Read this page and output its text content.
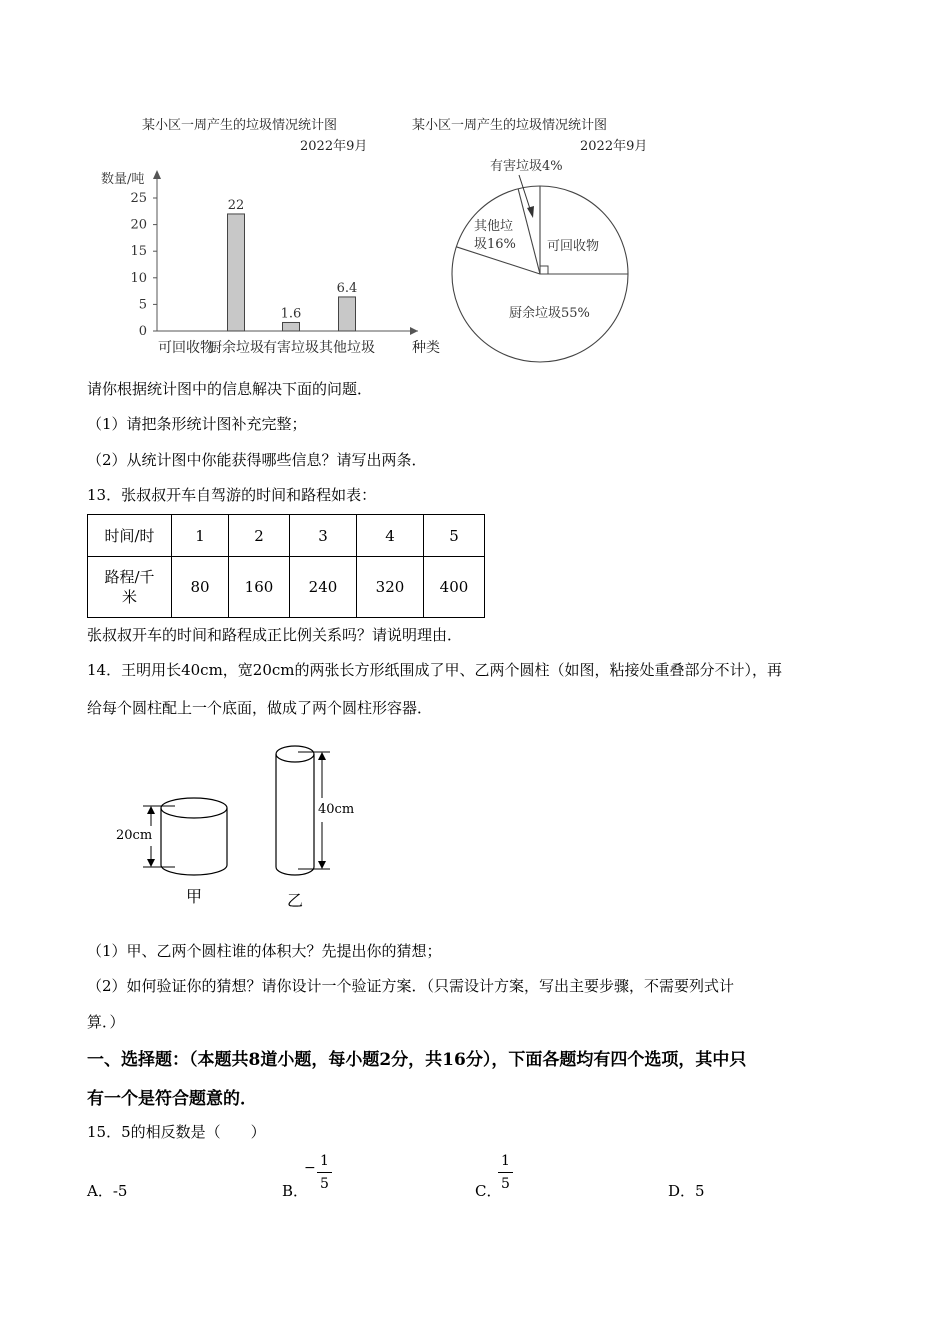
某小区一周产生的垃圾情况统计图
2022年9月
数量/吨
0
5
10
15
20
25
可回收物
厨余垃圾
22
有害垃圾
1.6
其他垃圾
6.4
种类
某小区一周产生的垃圾情况统计图
2022年9月
可回收物
厨余垃圾55%
其他垃
圾16%
有害垃圾4%
请你根据统计图中的信息解决下面的问题．
（1）请把条形统计图补充完整；
（2）从统计图中你能获得哪些信息？请写出两条．
13．张叔叔开车自驾游的时间和路程如表：
时间/时	1	2	3	4	5
路程/千
米	80	160	240	320	400
张叔叔开车的时间和路程成正比例关系吗？请说明理由．
14．王明用长40cm，宽20cm的两张长方形纸围成了甲、乙两个圆柱（如图，粘接处重叠部分不计），再
给每个圆柱配上一个底面，做成了两个圆柱形容器．
20cm
40cm
甲	乙
（1）甲、乙两个圆柱谁的体积大？先提出你的猜想；
（2）如何验证你的猜想？请你设计一个验证方案．（只需设计方案，写出主要步骤，不需要列式计
算．）
一、选择题：（本题共8道小题，每小题2分，共16分），下面各题均有四个选项，其中只
有一个是符合题意的．
15．5的相反数是（　　）
A．-5	B．
− $\frac{1}{5}$	C．
$\frac{1}{5}$	D．5
